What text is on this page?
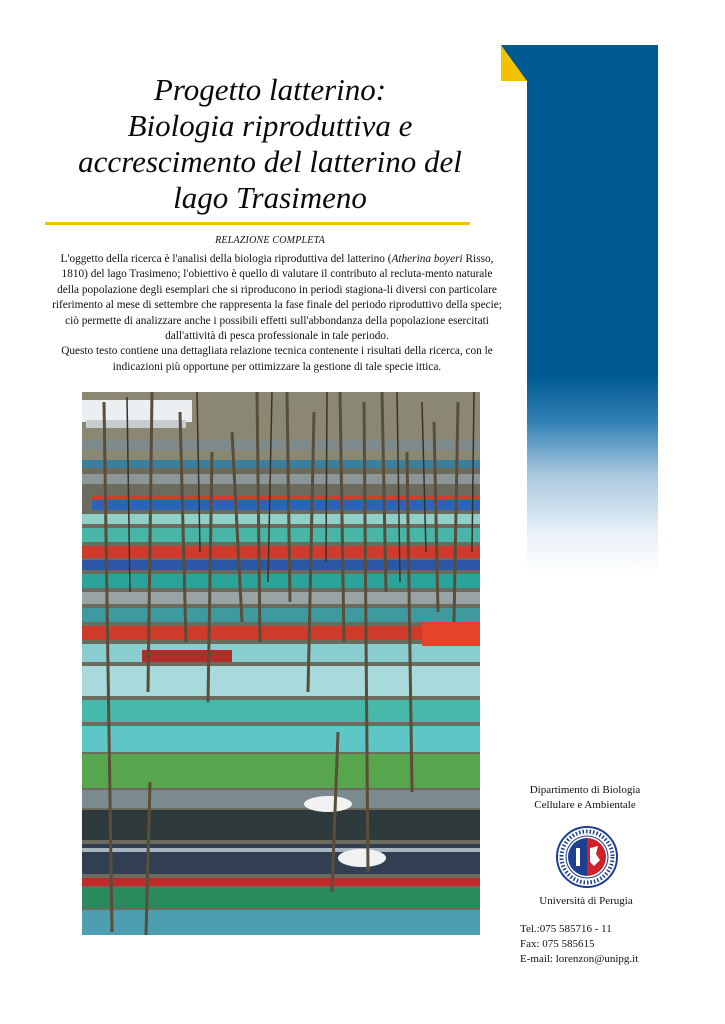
Progetto latterino:
Biologia riproduttiva e
accrescimento del latterino del
lago Trasimeno
RELAZIONE COMPLETA

L'oggetto della ricerca è l'analisi della biologia riproduttiva del latterino (Atherina boyeri Risso, 1810) del lago Trasimeno; l'obiettivo è quello di valutare il contributo al recluta-mento naturale della popolazione degli esemplari che si riproducono in periodi stagiona-li diversi con particolare riferimento al mese di settembre che rappresenta la fase finale del periodo riproduttivo della specie; ciò permette di analizzare anche i possibili effetti sull'abbondanza della popolazione esercitati dall'attività di pesca professionale in tale periodo.

Questo testo contiene una dettagliata relazione tecnica contenente i risultati della ricerca, con le indicazioni più opportune per ottimizzare la gestione di tale specie ittica.

Dipartimento di Biologia
Cellulare e Ambientale
Università di Perugia
Tel.:075 585716 - 11
Fax: 075 585615
E-mail: lorenzon@unipg.it
